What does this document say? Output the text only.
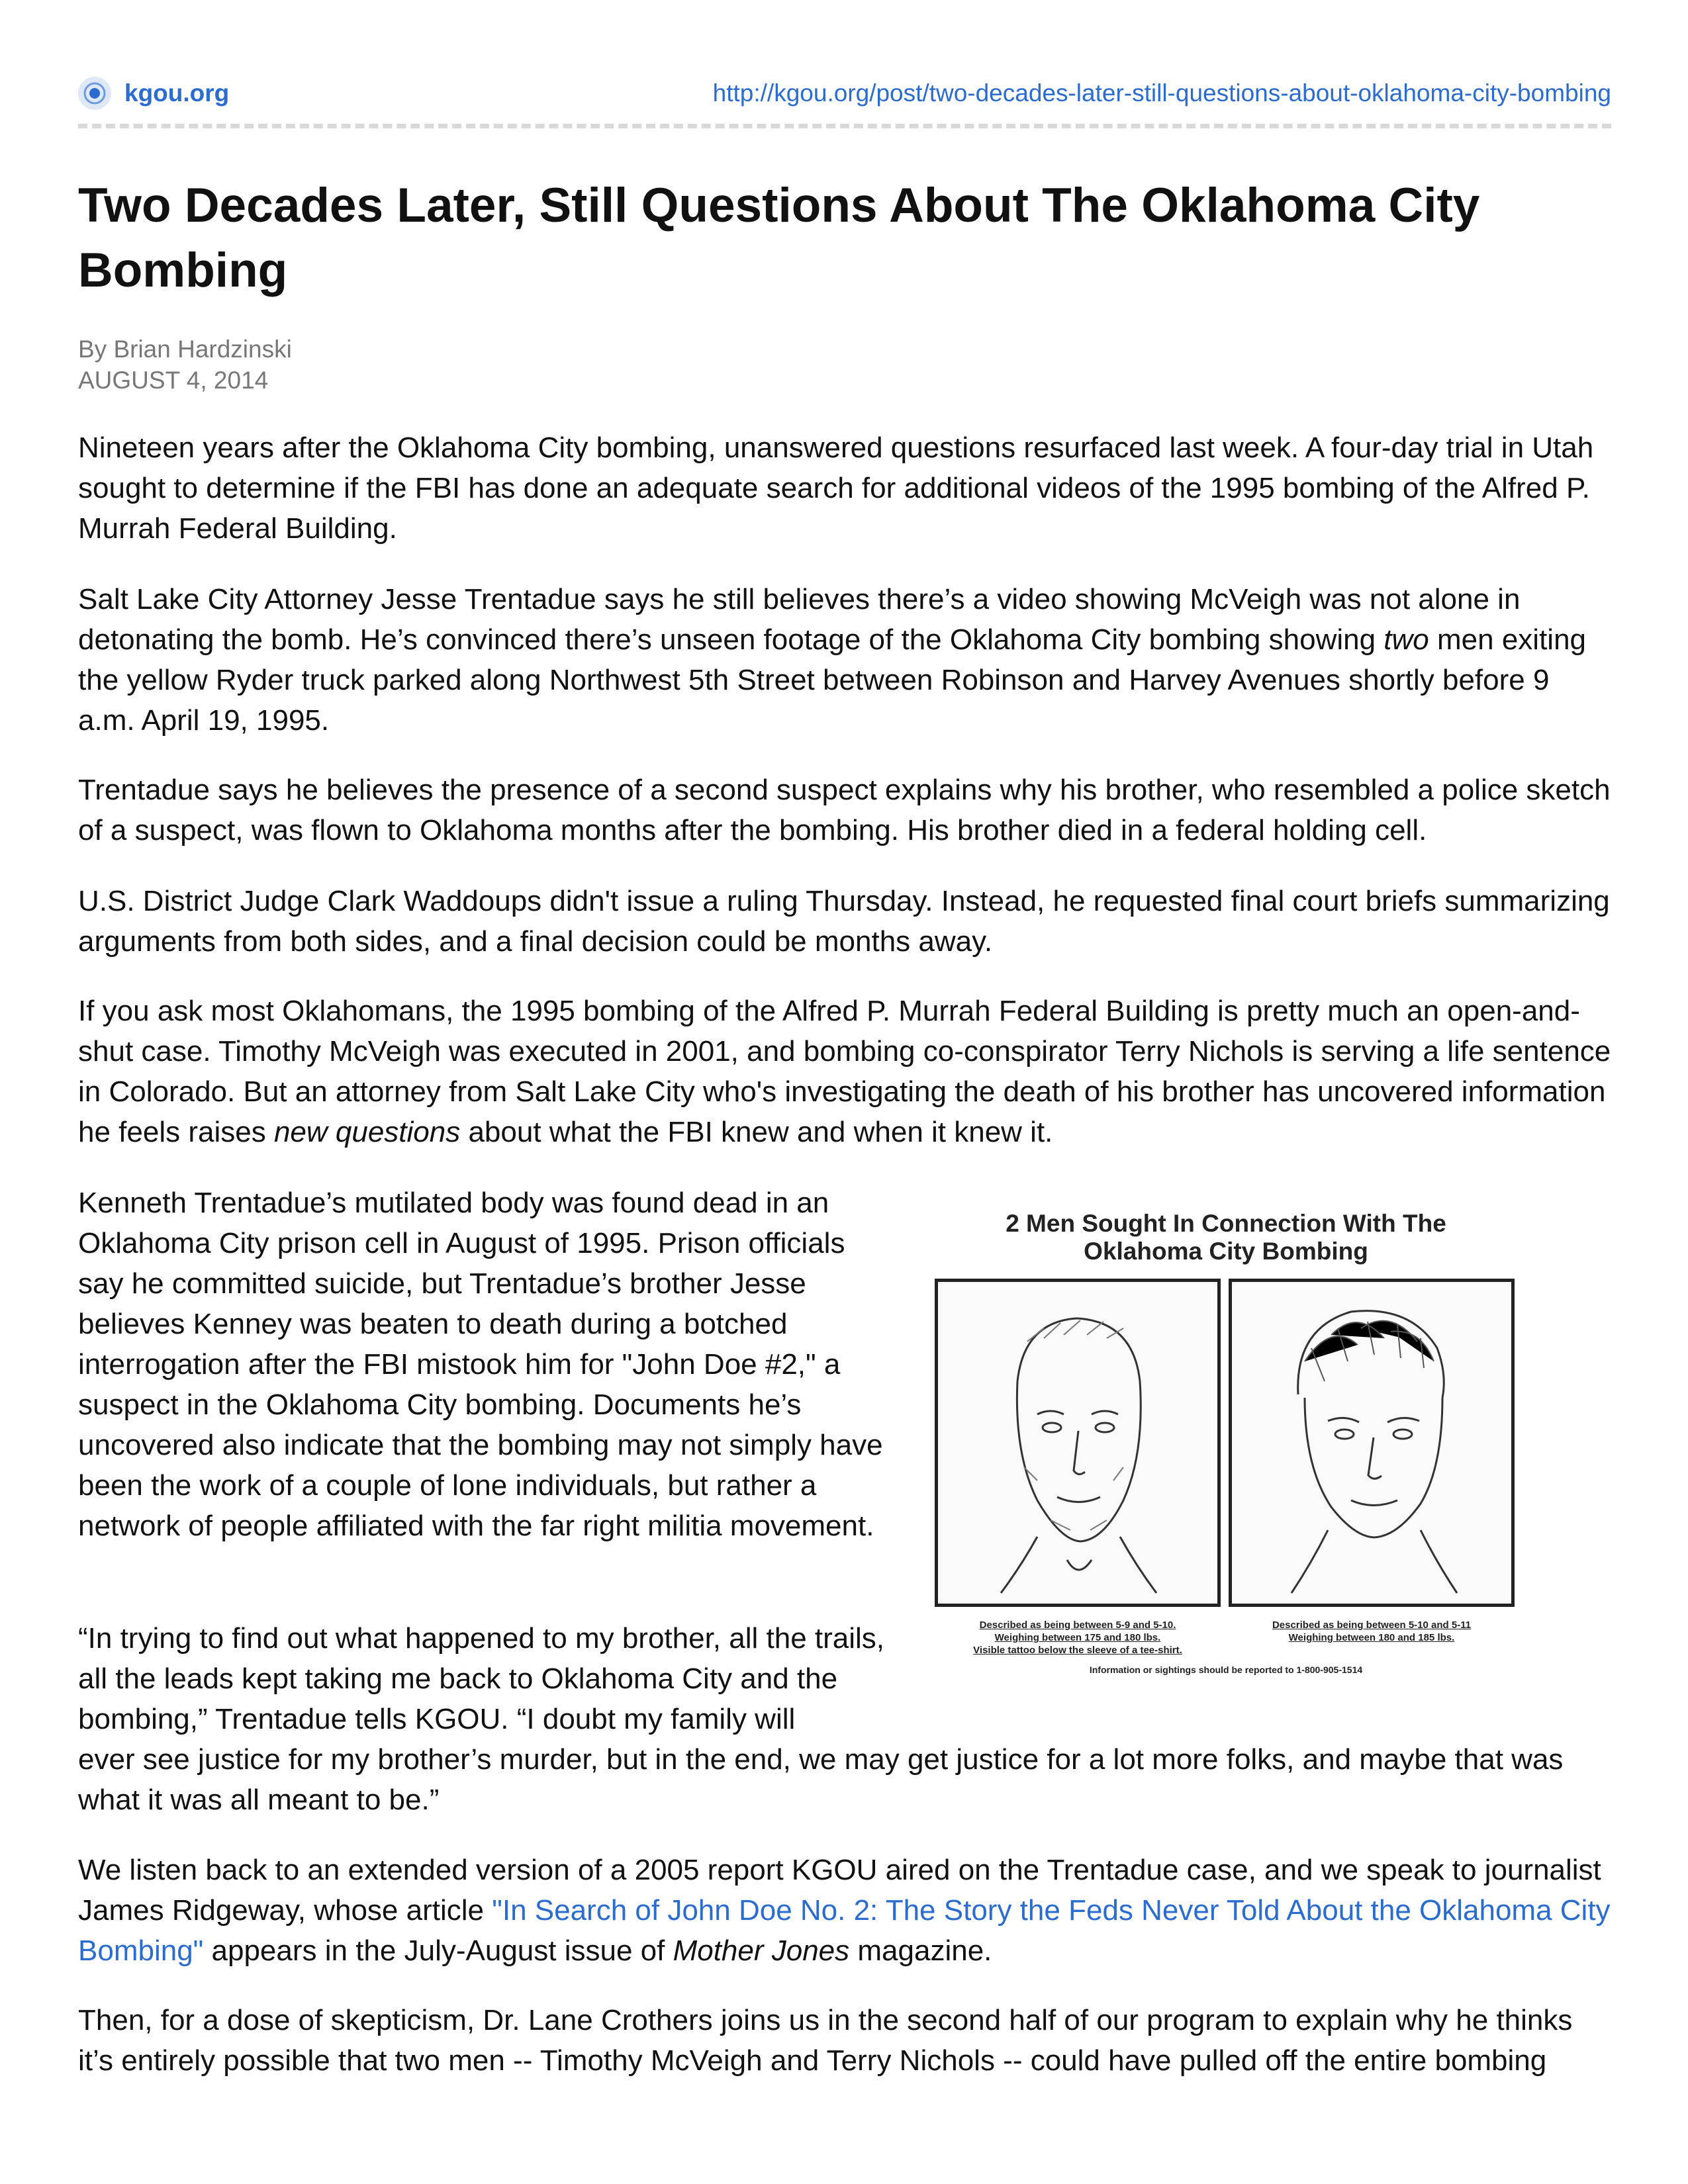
kgou.org	http://kgou.org/post/two-decades-later-still-questions-about-oklahoma-city-bombing
Two Decades Later, Still Questions About The Oklahoma City Bombing
By Brian Hardzinski
AUGUST 4, 2014

Nineteen years after the Oklahoma City bombing, unanswered questions resurfaced last week. A four-day trial in Utah sought to determine if the FBI has done an adequate search for additional videos of the 1995 bombing of the Alfred P. Murrah Federal Building.

Salt Lake City Attorney Jesse Trentadue says he still believes there’s a video showing McVeigh was not alone in detonating the bomb. He’s convinced there’s unseen footage of the Oklahoma City bombing showing two men exiting the yellow Ryder truck parked along Northwest 5th Street between Robinson and Harvey Avenues shortly before 9 a.m. April 19, 1995.

Trentadue says he believes the presence of a second suspect explains why his brother, who resembled a police sketch of a suspect, was flown to Oklahoma months after the bombing. His brother died in a federal holding cell.

U.S. District Judge Clark Waddoups didn't issue a ruling Thursday. Instead, he requested final court briefs summarizing arguments from both sides, and a final decision could be months away.

If you ask most Oklahomans, the 1995 bombing of the Alfred P. Murrah Federal Building is pretty much an open-and-shut case. Timothy McVeigh was executed in 2001, and bombing co-conspirator Terry Nichols is serving a life sentence in Colorado. But an attorney from Salt Lake City who's investigating the death of his brother has uncovered information he feels raises new questions about what the FBI knew and when it knew it.

Kenneth Trentadue’s mutilated body was found dead in an Oklahoma City prison cell in August of 1995. Prison officials say he committed suicide, but Trentadue’s brother Jesse believes Kenney was beaten to death during a botched interrogation after the FBI mistook him for "John Doe #2," a suspect in the Oklahoma City bombing. Documents he’s uncovered also indicate that the bombing may not simply have been the work of a couple of lone individuals, but rather a network of people affiliated with the far right militia movement.

“In trying to find out what happened to my brother, all the trails, all the leads kept taking me back to Oklahoma City and the bombing,” Trentadue tells KGOU. “I doubt my family will

ever see justice for my brother’s murder, but in the end, we may get justice for a lot more folks, and maybe that was what it was all meant to be.”

We listen back to an extended version of a 2005 report KGOU aired on the Trentadue case, and we speak to journalist James Ridgeway, whose article "In Search of John Doe No. 2: The Story the Feds Never Told About the Oklahoma City Bombing" appears in the July-August issue of Mother Jones magazine.

Then, for a dose of skepticism, Dr. Lane Crothers joins us in the second half of our program to explain why he thinks it’s entirely possible that two men -- Timothy McVeigh and Terry Nichols -- could have pulled off the entire bombing

2 Men Sought In Connection With The
Oklahoma City Bombing
Described as being between 5-9 and 5-10.
Weighing between 175 and 180 lbs.
Visible tattoo below the sleeve of a tee-shirt.
Described as being between 5-10 and 5-11
Weighing between 180 and 185 lbs.
Information or sightings should be reported to 1-800-905-1514
